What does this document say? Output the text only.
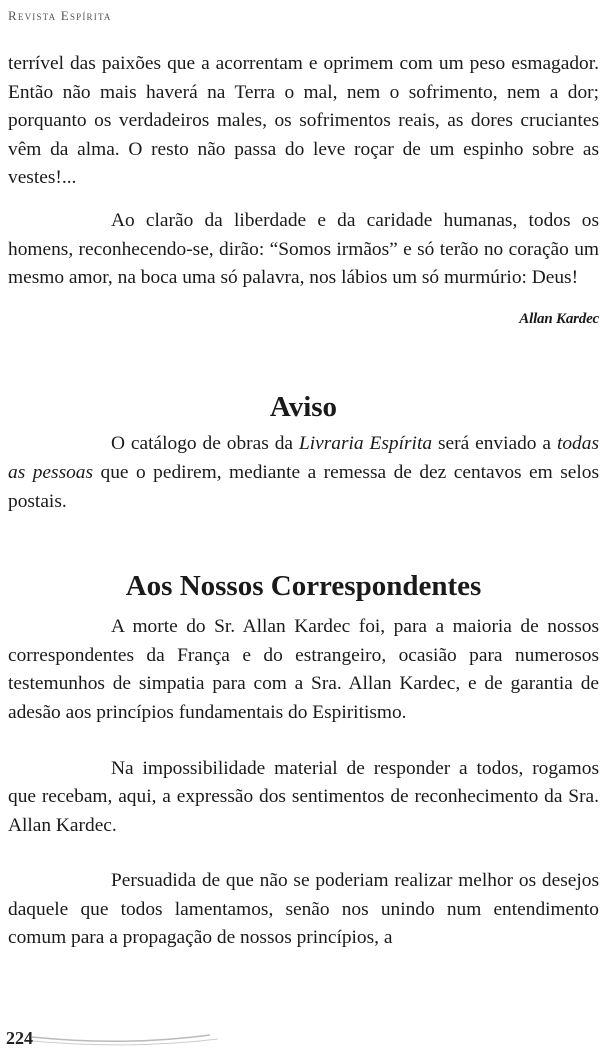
Revista Espírita

terrível das paixões que a acorrentam e oprimem com um peso esmagador. Então não mais haverá na Terra o mal, nem o sofrimento, nem a dor; porquanto os verdadeiros males, os sofrimentos reais, as dores cruciantes vêm da alma. O resto não passa do leve roçar de um espinho sobre as vestes!...

Ao clarão da liberdade e da caridade humanas, todos os homens, reconhecendo-se, dirão: “Somos irmãos” e só terão no coração um mesmo amor, na boca uma só palavra, nos lábios um só murmúrio: Deus!

Allan Kardec

Aviso

O catálogo de obras da Livraria Espírita será enviado a todas as pessoas que o pedirem, mediante a remessa de dez centavos em selos postais.

Aos Nossos Correspondentes

A morte do Sr. Allan Kardec foi, para a maioria de nossos correspondentes da França e do estrangeiro, ocasião para numerosos testemunhos de simpatia para com a Sra. Allan Kardec, e de garantia de adesão aos princípios fundamentais do Espiritismo.

Na impossibilidade material de responder a todos, rogamos que recebam, aqui, a expressão dos sentimentos de reconhecimento da Sra. Allan Kardec.

Persuadida de que não se poderiam realizar melhor os desejos daquele que todos lamentamos, senão nos unindo num entendimento comum para a propagação de nossos princípios, a

224
